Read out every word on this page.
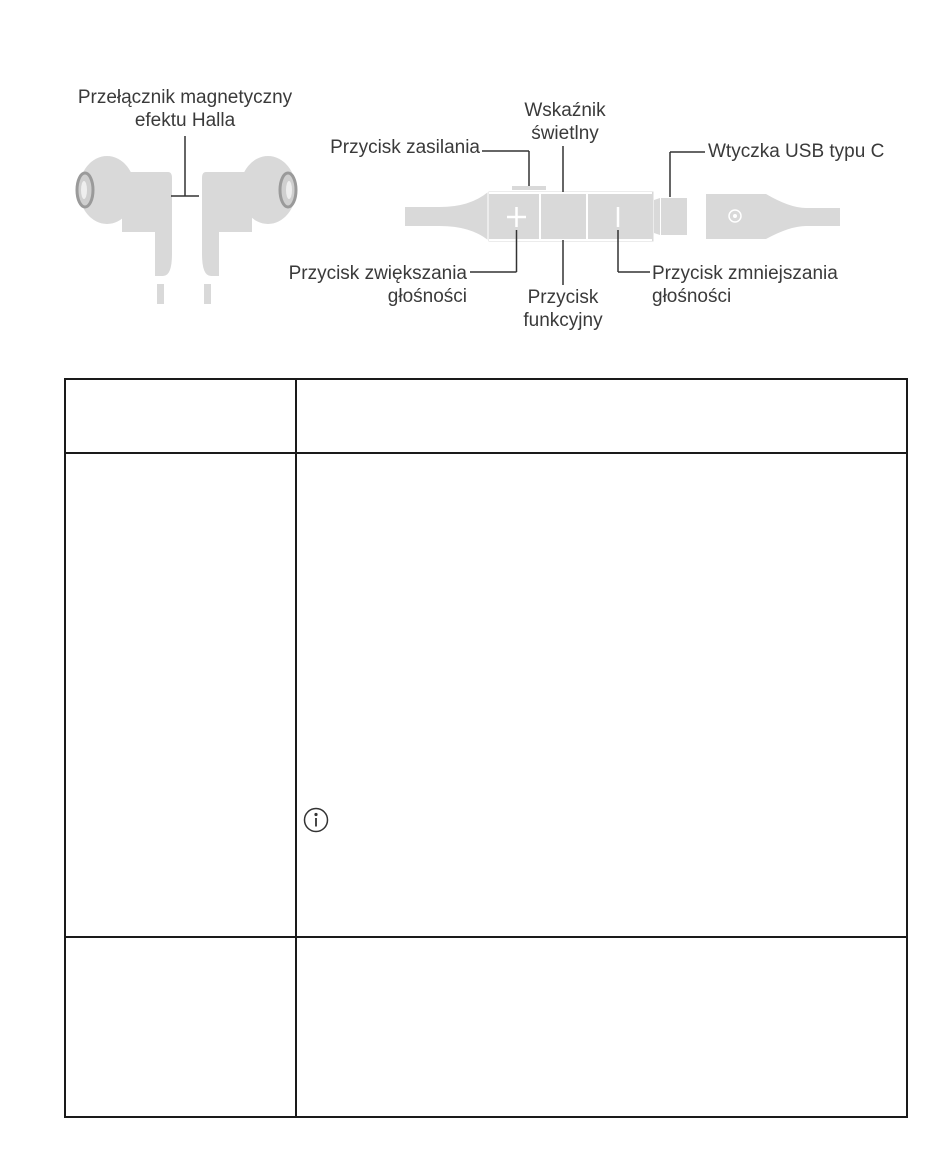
Przełącznik magnetyczny
efektu Halla
Przycisk zasilania
Wskaźnik
świetlny
Wtyczka USB typu C
Przycisk zwiększania
głośności	Przycisk
funkcyjny
Przycisk zmniejszania
głośności
